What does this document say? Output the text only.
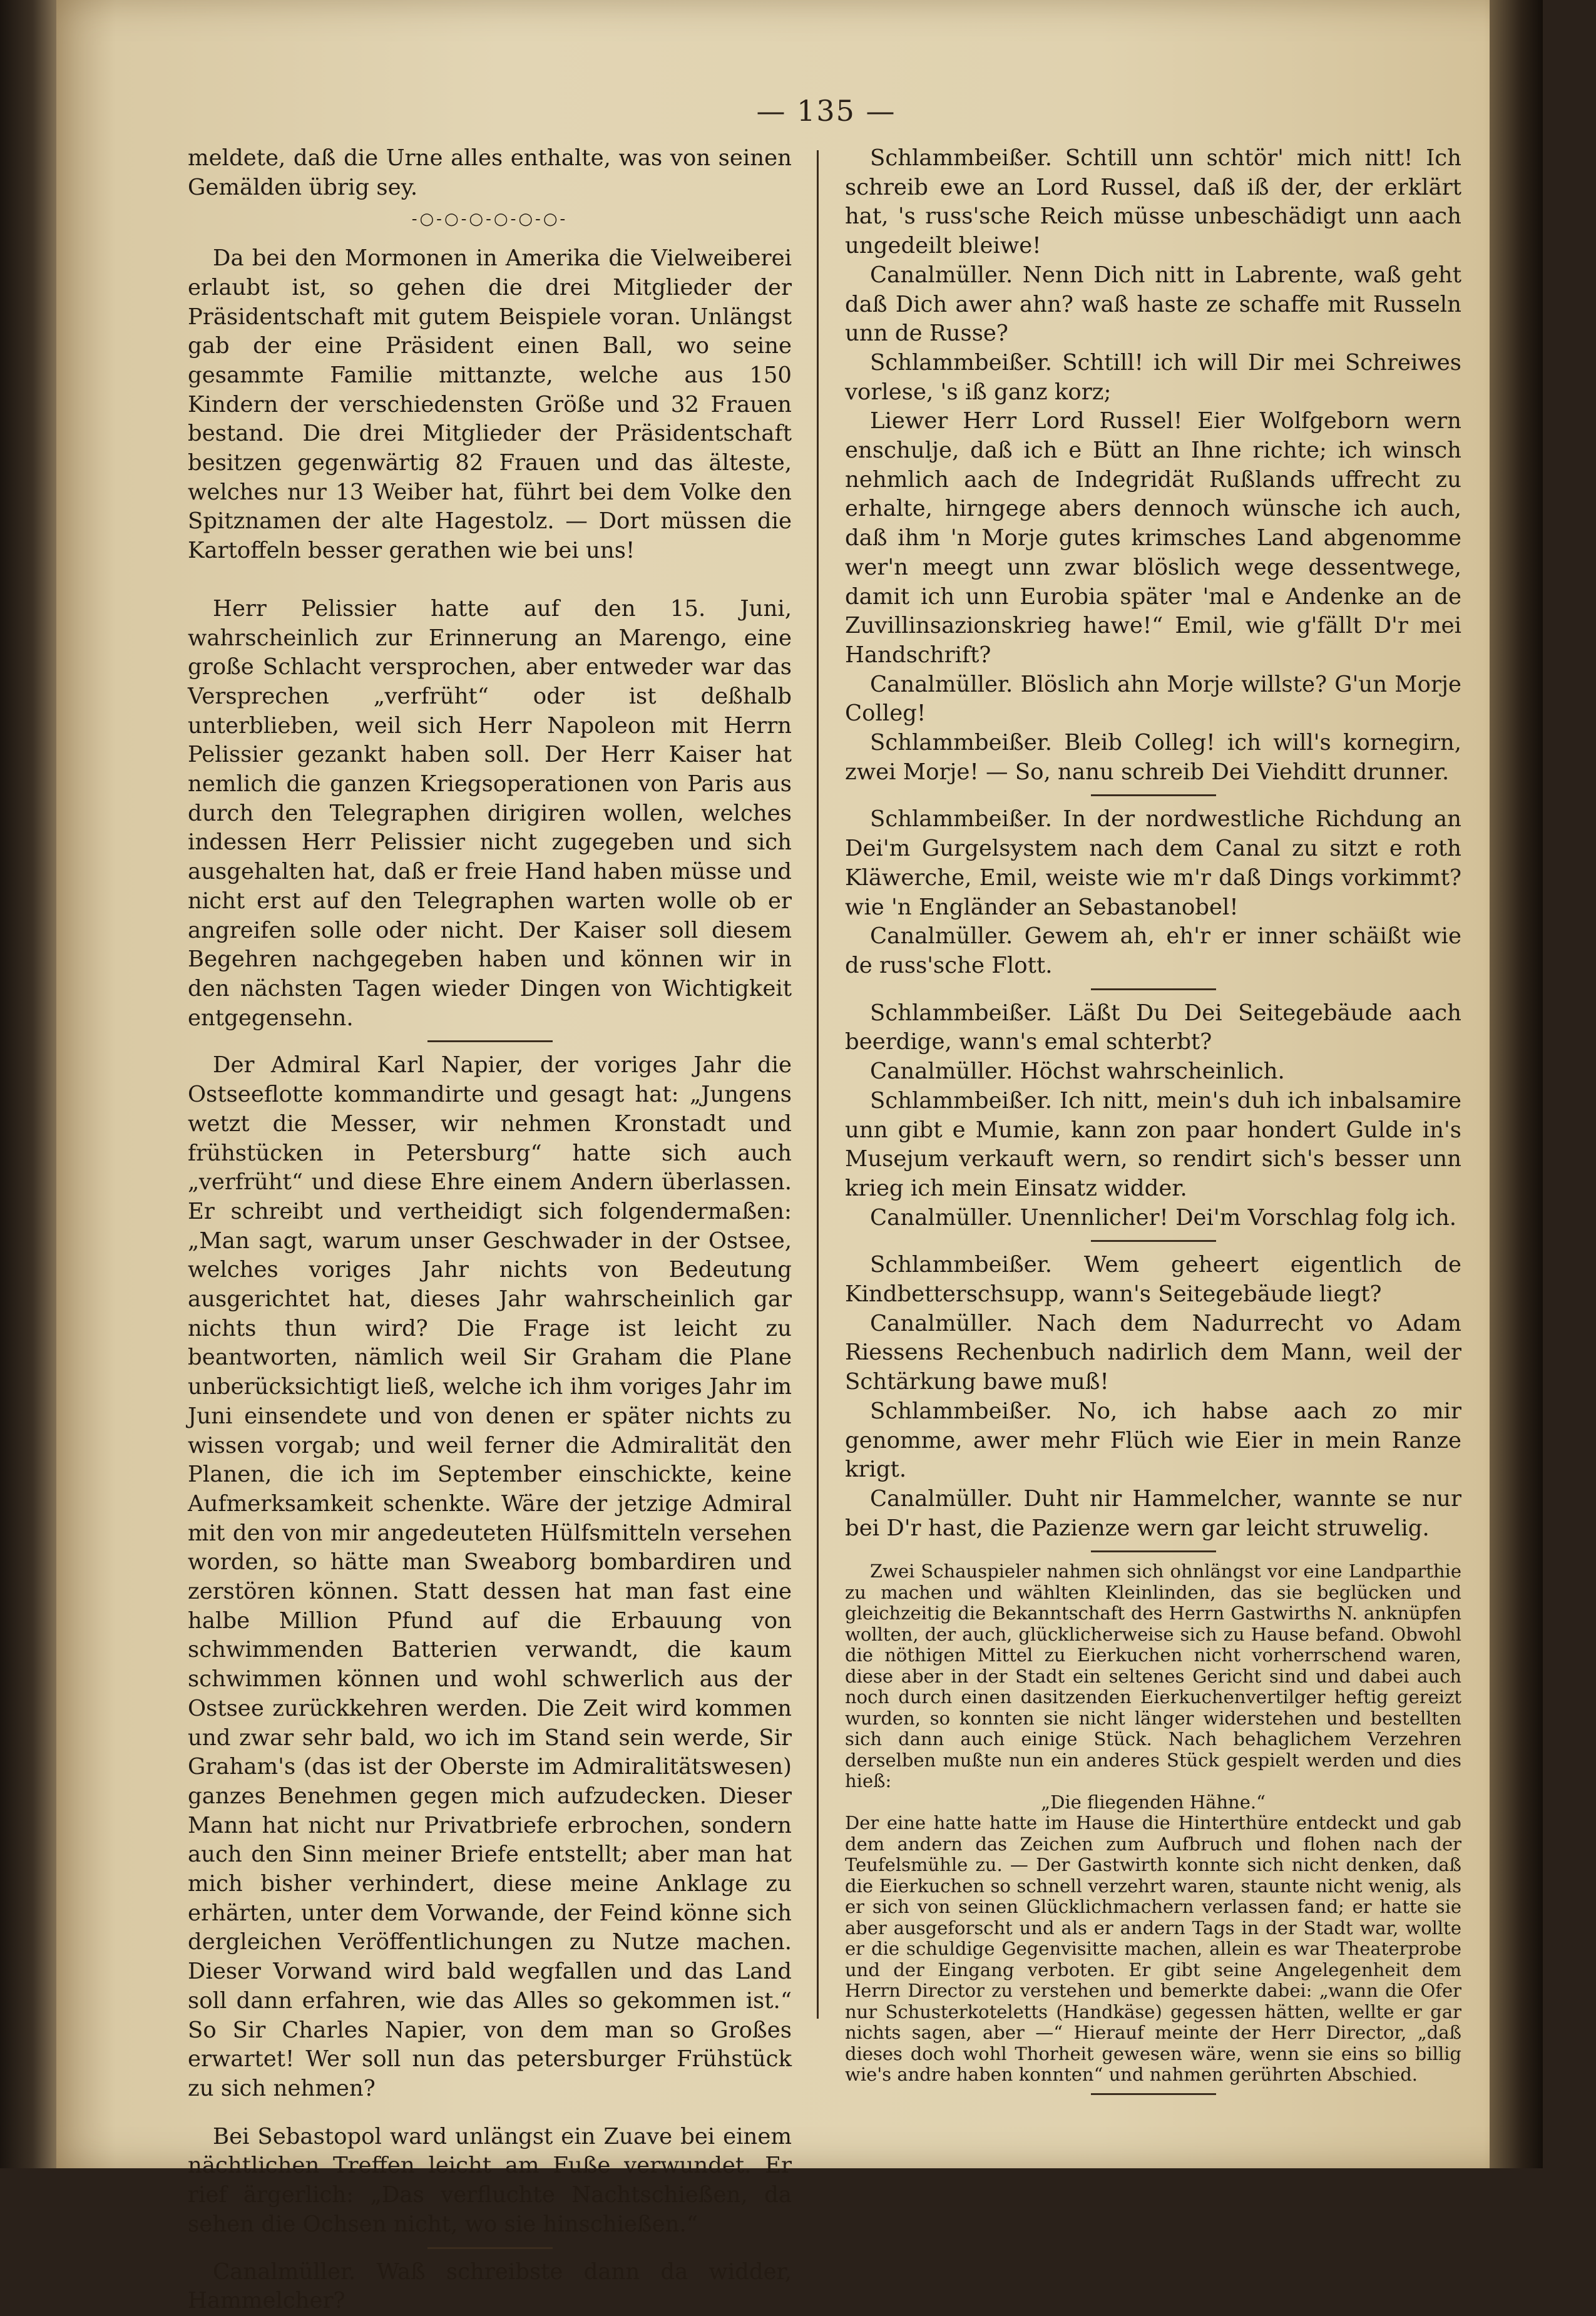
— 135 —

meldete, daß die Urne alles enthalte, was von seinen Gemälden übrig sey.

-○-○-○-○-○-○-

Da bei den Mormonen in Amerika die Vielweiberei erlaubt ist, so gehen die drei Mitglieder der Präsidentschaft mit gutem Beispiele voran. Unlängst gab der eine Präsident einen Ball, wo seine gesammte Familie mittanzte, welche aus 150 Kindern der verschiedensten Größe und 32 Frauen bestand. Die drei Mitglieder der Präsidentschaft besitzen gegenwärtig 82 Frauen und das älteste, welches nur 13 Weiber hat, führt bei dem Volke den Spitznamen der alte Hagestolz. — Dort müssen die Kartoffeln besser gerathen wie bei uns!

Herr Pelissier hatte auf den 15. Juni, wahrscheinlich zur Erinnerung an Marengo, eine große Schlacht versprochen, aber entweder war das Versprechen „verfrüht“ oder ist deßhalb unterblieben, weil sich Herr Napoleon mit Herrn Pelissier gezankt haben soll. Der Herr Kaiser hat nemlich die ganzen Kriegsoperationen von Paris aus durch den Telegraphen dirigiren wollen, welches indessen Herr Pelissier nicht zugegeben und sich ausgehalten hat, daß er freie Hand haben müsse und nicht erst auf den Telegraphen warten wolle ob er angreifen solle oder nicht. Der Kaiser soll diesem Begehren nachgegeben haben und können wir in den nächsten Tagen wieder Dingen von Wichtigkeit entgegensehn.

Der Admiral Karl Napier, der voriges Jahr die Ostseeflotte kommandirte und gesagt hat: „Jungens wetzt die Messer, wir nehmen Kronstadt und frühstücken in Petersburg“ hatte sich auch „verfrüht“ und diese Ehre einem Andern überlassen. Er schreibt und vertheidigt sich folgendermaßen: „Man sagt, warum unser Geschwader in der Ostsee, welches voriges Jahr nichts von Bedeutung ausgerichtet hat, dieses Jahr wahrscheinlich gar nichts thun wird? Die Frage ist leicht zu beantworten, nämlich weil Sir Graham die Plane unberücksichtigt ließ, welche ich ihm voriges Jahr im Juni einsendete und von denen er später nichts zu wissen vorgab; und weil ferner die Admiralität den Planen, die ich im September einschickte, keine Aufmerksamkeit schenkte. Wäre der jetzige Admiral mit den von mir angedeuteten Hülfsmitteln versehen worden, so hätte man Sweaborg bombardiren und zerstören können. Statt dessen hat man fast eine halbe Million Pfund auf die Erbauung von schwimmenden Batterien verwandt, die kaum schwimmen können und wohl schwerlich aus der Ostsee zurückkehren werden. Die Zeit wird kommen und zwar sehr bald, wo ich im Stand sein werde, Sir Graham's (das ist der Oberste im Admiralitätswesen) ganzes Benehmen gegen mich aufzudecken. Dieser Mann hat nicht nur Privatbriefe erbrochen, sondern auch den Sinn meiner Briefe entstellt; aber man hat mich bisher verhindert, diese meine Anklage zu erhärten, unter dem Vorwande, der Feind könne sich dergleichen Veröffentlichungen zu Nutze machen. Dieser Vorwand wird bald wegfallen und das Land soll dann erfahren, wie das Alles so gekommen ist.“ So Sir Charles Napier, von dem man so Großes erwartet! Wer soll nun das petersburger Frühstück zu sich nehmen?

Bei Sebastopol ward unlängst ein Zuave bei einem nächtlichen Treffen leicht am Fuße verwundet. Er rief ärgerlich: „Das verfluchte Nachtschießen, da sehen die Ochsen nicht, wo sie hinschießen.“

Canalmüller. Waß schreibste dann da widder, Hammelcher?

Schlammbeißer. Schtill unn schtör' mich nitt! Ich schreib ewe an Lord Russel, daß iß der, der erklärt hat, 's russ'sche Reich müsse unbeschädigt unn aach ungedeilt bleiwe!

Canalmüller. Nenn Dich nitt in Labrente, waß geht daß Dich awer ahn? waß haste ze schaffe mit Russeln unn de Russe?

Schlammbeißer. Schtill! ich will Dir mei Schreiwes vorlese, 's iß ganz korz;

Liewer Herr Lord Russel! Eier Wolfgeborn wern enschulje, daß ich e Bütt an Ihne richte; ich winsch nehmlich aach de Indegridät Rußlands uffrecht zu erhalte, hirngege abers dennoch wünsche ich auch, daß ihm 'n Morje gutes krimsches Land abgenomme wer'n meegt unn zwar blöslich wege dessentwege, damit ich unn Eurobia später 'mal e Andenke an de Zuvillinsazionskrieg hawe!“ Emil, wie g'fällt D'r mei Handschrift?

Canalmüller. Blöslich ahn Morje willste? G'un Morje Colleg!

Schlammbeißer. Bleib Colleg! ich will's kornegirn, zwei Morje! — So, nanu schreib Dei Viehditt drunner.

Schlammbeißer. In der nordwestliche Richdung an Dei'm Gurgelsystem nach dem Canal zu sitzt e roth Kläwerche, Emil, weiste wie m'r daß Dings vorkimmt? wie 'n Engländer an Sebastanobel!

Canalmüller. Gewem ah, eh'r er inner schäißt wie de russ'sche Flott.

Schlammbeißer. Läßt Du Dei Seitegebäude aach beerdige, wann's emal schterbt?

Canalmüller. Höchst wahrscheinlich.

Schlammbeißer. Ich nitt, mein's duh ich inbalsamire unn gibt e Mumie, kann zon paar hondert Gulde in's Musejum verkauft wern, so rendirt sich's besser unn krieg ich mein Einsatz widder.

Canalmüller. Unennlicher! Dei'm Vorschlag folg ich.

Schlammbeißer. Wem geheert eigentlich de Kindbetterschsupp, wann's Seitegebäude liegt?

Canalmüller. Nach dem Nadurrecht vo Adam Riessens Rechenbuch nadirlich dem Mann, weil der Schtärkung bawe muß!

Schlammbeißer. No, ich habse aach zo mir genomme, awer mehr Flüch wie Eier in mein Ranze krigt.

Canalmüller. Duht nir Hammelcher, wannte se nur bei D'r hast, die Pazienze wern gar leicht struwelig.

Zwei Schauspieler nahmen sich ohnlängst vor eine Landparthie zu machen und wählten Kleinlinden, das sie beglücken und gleichzeitig die Bekanntschaft des Herrn Gastwirths N. anknüpfen wollten, der auch, glücklicherweise sich zu Hause befand. Obwohl die nöthigen Mittel zu Eierkuchen nicht vorherrschend waren, diese aber in der Stadt ein seltenes Gericht sind und dabei auch noch durch einen dasitzenden Eierkuchenvertilger heftig gereizt wurden, so konnten sie nicht länger widerstehen und bestellten sich dann auch einige Stück. Nach behaglichem Verzehren derselben mußte nun ein anderes Stück gespielt werden und dies hieß:

„Die fliegenden Hähne.“

Der eine hatte hatte im Hause die Hinterthüre entdeckt und gab dem andern das Zeichen zum Aufbruch und flohen nach der Teufelsmühle zu. — Der Gastwirth konnte sich nicht denken, daß die Eierkuchen so schnell verzehrt waren, staunte nicht wenig, als er sich von seinen Glücklichmachern verlassen fand; er hatte sie aber ausgeforscht und als er andern Tags in der Stadt war, wollte er die schuldige Gegenvisitte machen, allein es war Theaterprobe und der Eingang verboten. Er gibt seine Angelegenheit dem Herrn Director zu verstehen und bemerkte dabei: „wann die Ofer nur Schusterkoteletts (Handkäse) gegessen hätten, wellte er gar nichts sagen, aber —“ Hierauf meinte der Herr Director, „daß dieses doch wohl Thorheit gewesen wäre, wenn sie eins so billig wie's andre haben konnten“ und nahmen gerührten Abschied.
